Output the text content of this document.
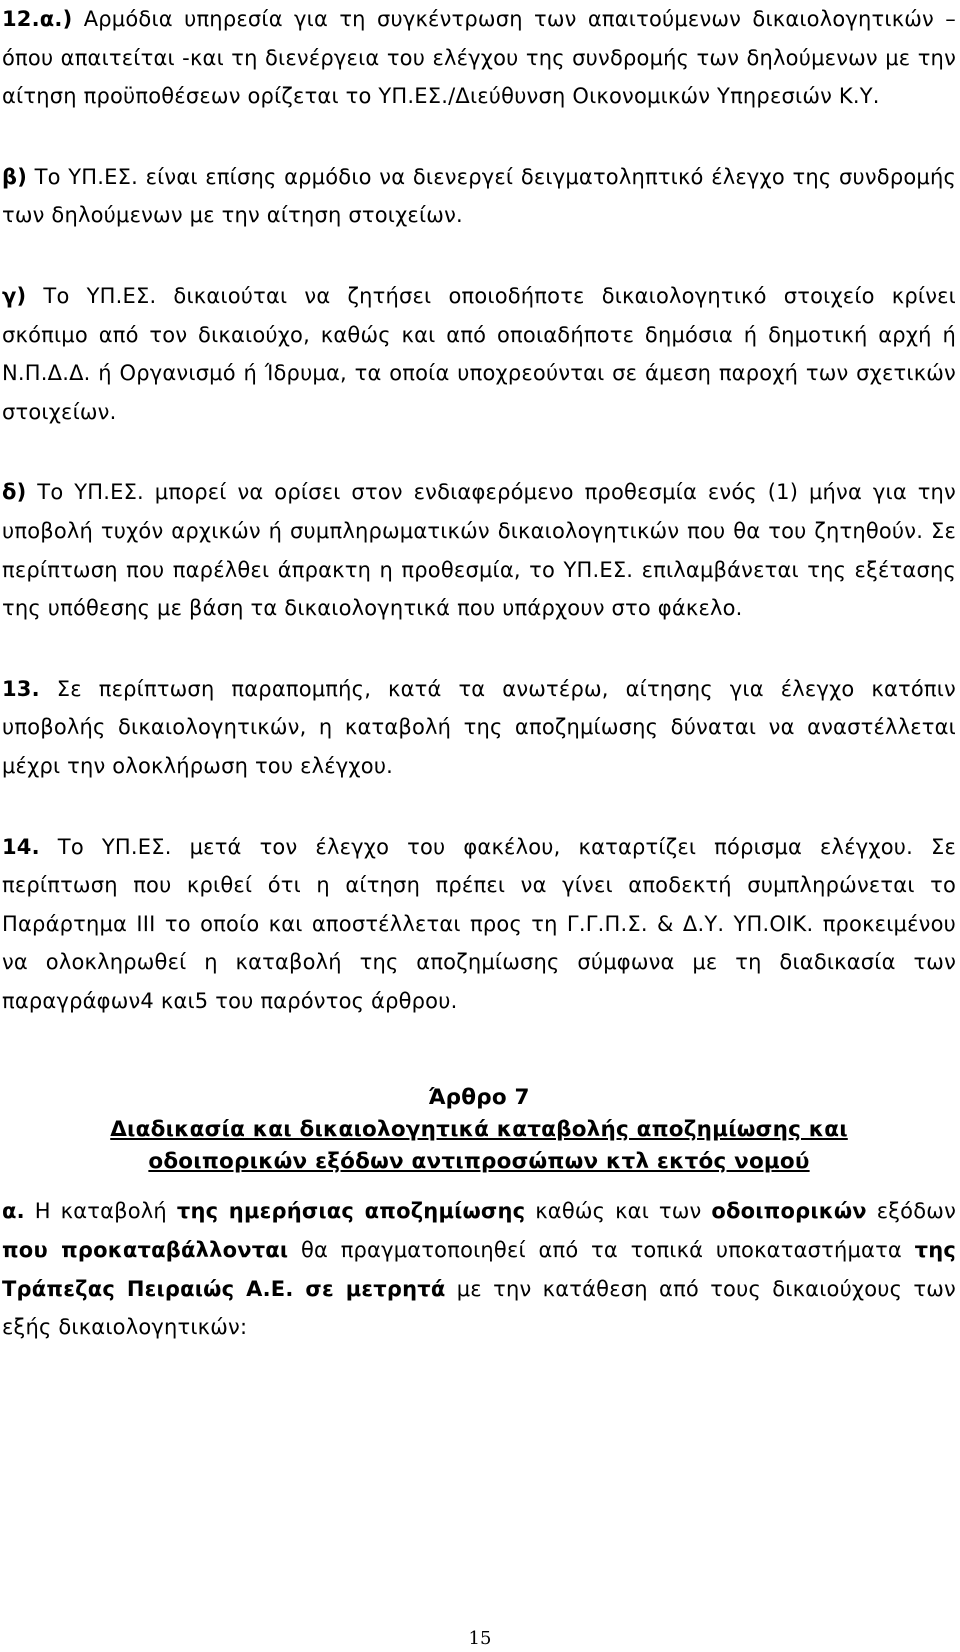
12.α.) Αρμόδια υπηρεσία για τη συγκέντρωση των απαιτούμενων δικαιολογητικών – όπου απαιτείται -και τη διενέργεια του ελέγχου της συνδρομής των δηλούμενων με την αίτηση προϋποθέσεων ορίζεται το ΥΠ.ΕΣ./Διεύθυνση Οικονομικών Υπηρεσιών Κ.Υ.

β) Το ΥΠ.ΕΣ. είναι επίσης αρμόδιο να διενεργεί δειγματοληπτικό έλεγχο της συνδρομής των δηλούμενων με την αίτηση στοιχείων.

γ) Το ΥΠ.ΕΣ. δικαιούται να ζητήσει οποιοδήποτε δικαιολογητικό στοιχείο κρίνει σκόπιμο από τον δικαιούχο, καθώς και από οποιαδήποτε δημόσια ή δημοτική αρχή ή Ν.Π.Δ.Δ. ή Οργανισμό ή Ίδρυμα, τα οποία υποχρεούνται σε άμεση παροχή των σχετικών στοιχείων.

δ) Το ΥΠ.ΕΣ. μπορεί να ορίσει στον ενδιαφερόμενο προθεσμία ενός (1) μήνα για την υποβολή τυχόν αρχικών ή συμπληρωματικών δικαιολογητικών που θα του ζητηθούν. Σε περίπτωση που παρέλθει άπρακτη η προθεσμία, το ΥΠ.ΕΣ. επιλαμβάνεται της εξέτασης της υπόθεσης με βάση τα δικαιολογητικά που υπάρχουν στο φάκελο.

13. Σε περίπτωση παραπομπής, κατά τα ανωτέρω, αίτησης για έλεγχο κατόπιν υποβολής δικαιολογητικών, η καταβολή της αποζημίωσης δύναται να αναστέλλεται μέχρι την ολοκλήρωση του ελέγχου.

14. Το ΥΠ.ΕΣ. μετά τον έλεγχο του φακέλου, καταρτίζει πόρισμα ελέγχου. Σε περίπτωση που κριθεί ότι η αίτηση πρέπει να γίνει αποδεκτή συμπληρώνεται το Παράρτημα ΙΙΙ το οποίο και αποστέλλεται προς τη Γ.Γ.Π.Σ. & Δ.Υ. ΥΠ.ΟΙΚ. προκειμένου να ολοκληρωθεί η καταβολή της αποζημίωσης σύμφωνα με τη διαδικασία των παραγράφων4 και5 του παρόντος άρθρου.

Άρθρο 7
Διαδικασία και δικαιολογητικά καταβολής αποζημίωσης και
οδοιπορικών εξόδων αντιπροσώπων κτλ εκτός νομού

α. Η καταβολή της ημερήσιας αποζημίωσης καθώς και των οδοιπορικών εξόδων που προκαταβάλλονται θα πραγματοποιηθεί από τα τοπικά υποκαταστήματα της Τράπεζας Πειραιώς Α.Ε. σε μετρητά με την κατάθεση από τους δικαιούχους των εξής δικαιολογητικών:

15
